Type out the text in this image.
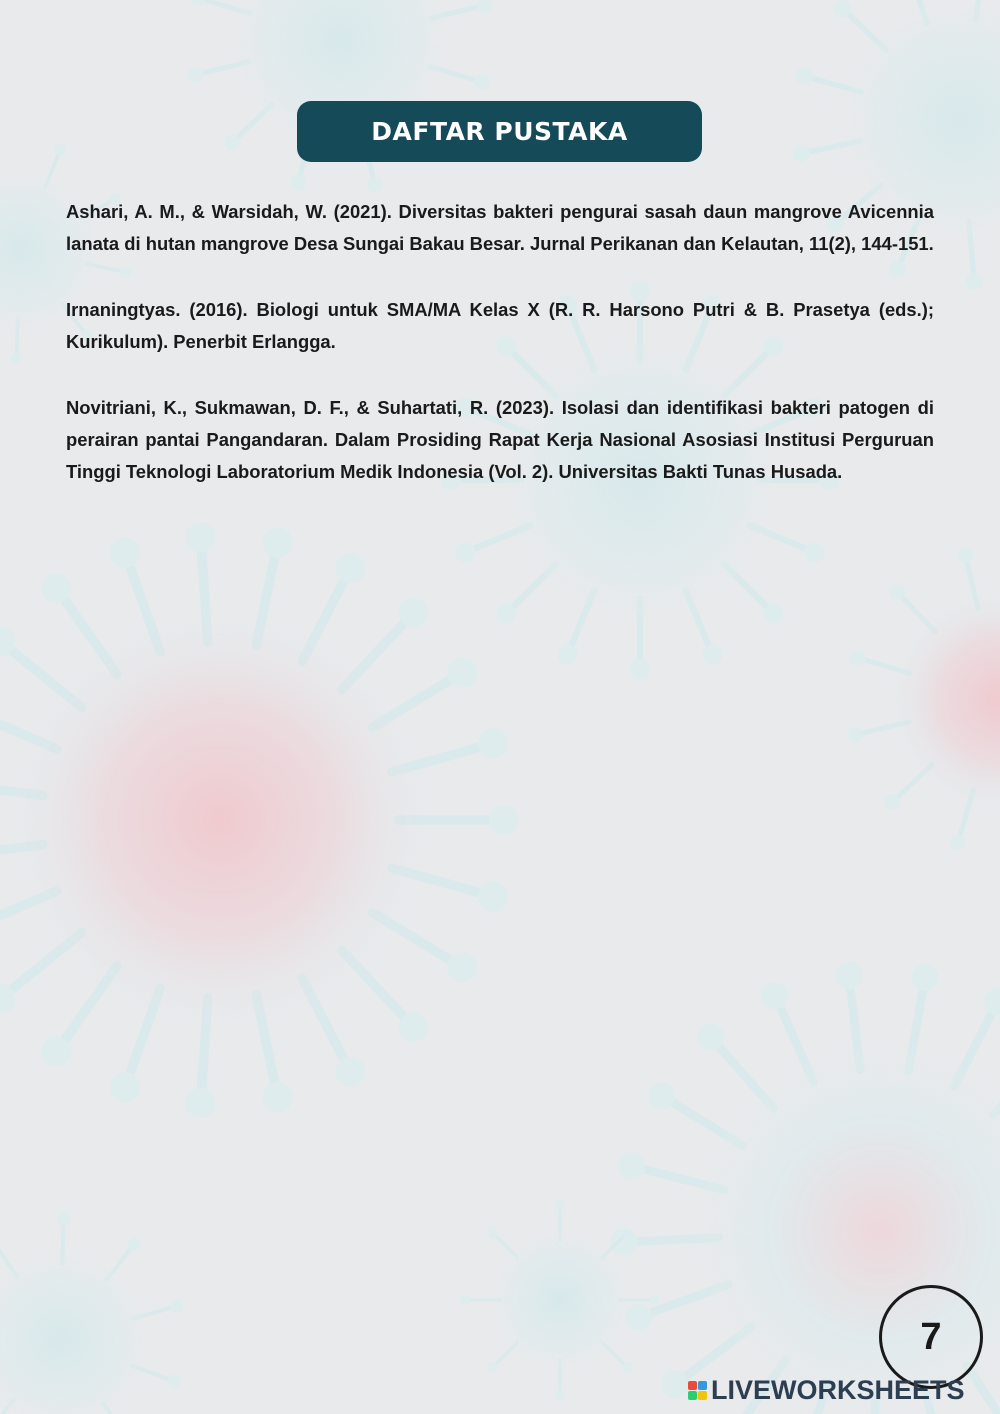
DAFTAR PUSTAKA

Ashari, A. M., & Warsidah, W. (2021). Diversitas bakteri pengurai sasah daun mangrove Avicennia lanata di hutan mangrove Desa Sungai Bakau Besar. Jurnal Perikanan dan Kelautan, 11(2), 144-151.

Irnaningtyas. (2016). Biologi untuk SMA/MA Kelas X (R. R. Harsono Putri & B. Prasetya (eds.); Kurikulum). Penerbit Erlangga.

Novitriani, K., Sukmawan, D. F., & Suhartati, R. (2023). Isolasi dan identifikasi bakteri patogen di perairan pantai Pangandaran. Dalam Prosiding Rapat Kerja Nasional Asosiasi Institusi Perguruan Tinggi Teknologi Laboratorium Medik Indonesia (Vol. 2). Universitas Bakti Tunas Husada.

7
LIVEWORKSHEETS
